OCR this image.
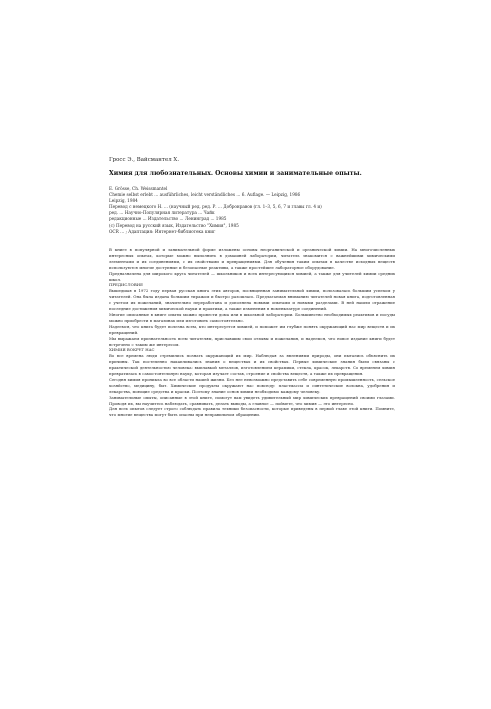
Гросс Э., Вайсмантел Х.
Химия для любознательных. Основы химии и занимательные опыты.
E. Grösse, Ch. Weissmantel
Chemie selbst erlebt ... ausführliches, leicht verständliches ... 6. Auflage. — Leipzig, 1986
Leipzig, 1984
Перевод с немецкого Н. ... (научный ред. ред. Р. ... Добронравов (гл. 1–3, 5, 6, 7 и главы гл. 4 и)
ред. ... Научно-Популярная литература ... Чайк
редакционные ... Издательство ... Ленинград ... 1985
(c) Перевод на русский язык, Издательство "Химия", 1985
OCR ... ; Адаптация: Интернет-библиотека книг

В книге в популярной и занимательной форме изложены основы неорганической и органической химии. На многочисленных интересных опытах, которые можно выполнить в домашней лаборатории, читатель знакомится с важнейшими химическими элементами и их соединениями, с их свойствами и превращениями. Для обучения таким опытам в качестве исходных веществ используются многие доступные и безопасные реактивы, а также простейшее лабораторное оборудование.

Предназначена для широкого круга читателей — школьников и всех интересующихся химией, а также для учителей химии средних школ.

ПРЕДИСЛОВИЕ

Вышедшая в 1972 году первая русская книга этих авторов, посвященная занимательной химии, пользовалась большим успехом у читателей. Она была издана большим тиражом и быстро разошлась. Предлагаемая вниманию читателей новая книга, подготовленная с учетом их пожеланий, значительно переработана и дополнена новыми опытами и новыми разделами. В ней нашли отражение последние достижения химической науки и практики, а также изменения в номенклатуре соединений.

Многие описанные в книге опыты можно провести дома или в школьной лаборатории. Большинство необходимых реактивов и посуды можно приобрести в магазинах или изготовить самостоятельно.

Надеемся, что книга будет полезна всем, кто интересуется химией, и поможет им глубже понять окружающий нас мир веществ и их превращений.

Мы выражаем признательность всем читателям, приславшим свои отзывы и пожелания, и надеемся, что новое издание книги будет встречено с таким же интересом.

ХИМИЯ ВОКРУГ НАС

Во все времена люди стремились познать окружающий их мир. Наблюдая за явлениями природы, они пытались объяснить их причины. Так постепенно накапливались знания о веществах и их свойствах. Первые химические знания были связаны с практической деятельностью человека: выплавкой металлов, изготовлением керамики, стекла, красок, лекарств. Со временем химия превратилась в самостоятельную науку, которая изучает состав, строение и свойства веществ, а также их превращения.

Сегодня химия проникла во все области нашей жизни. Без нее невозможно представить себе современную промышленность, сельское хозяйство, медицину, быт. Химические продукты окружают нас повсюду: пластмассы и синтетические волокна, удобрения и лекарства, моющие средства и краски. Поэтому знание основ химии необходимо каждому человеку.

Занимательные опыты, описанные в этой книге, помогут вам увидеть удивительный мир химических превращений своими глазами. Проводя их, вы научитесь наблюдать, сравнивать, делать выводы, а главное — поймете, что химия — это интересно.

Для всех опытов следует строго соблюдать правила техники безопасности, которые приведены в первой главе этой книги. Помните, что многие вещества могут быть опасны при неправильном обращении.
